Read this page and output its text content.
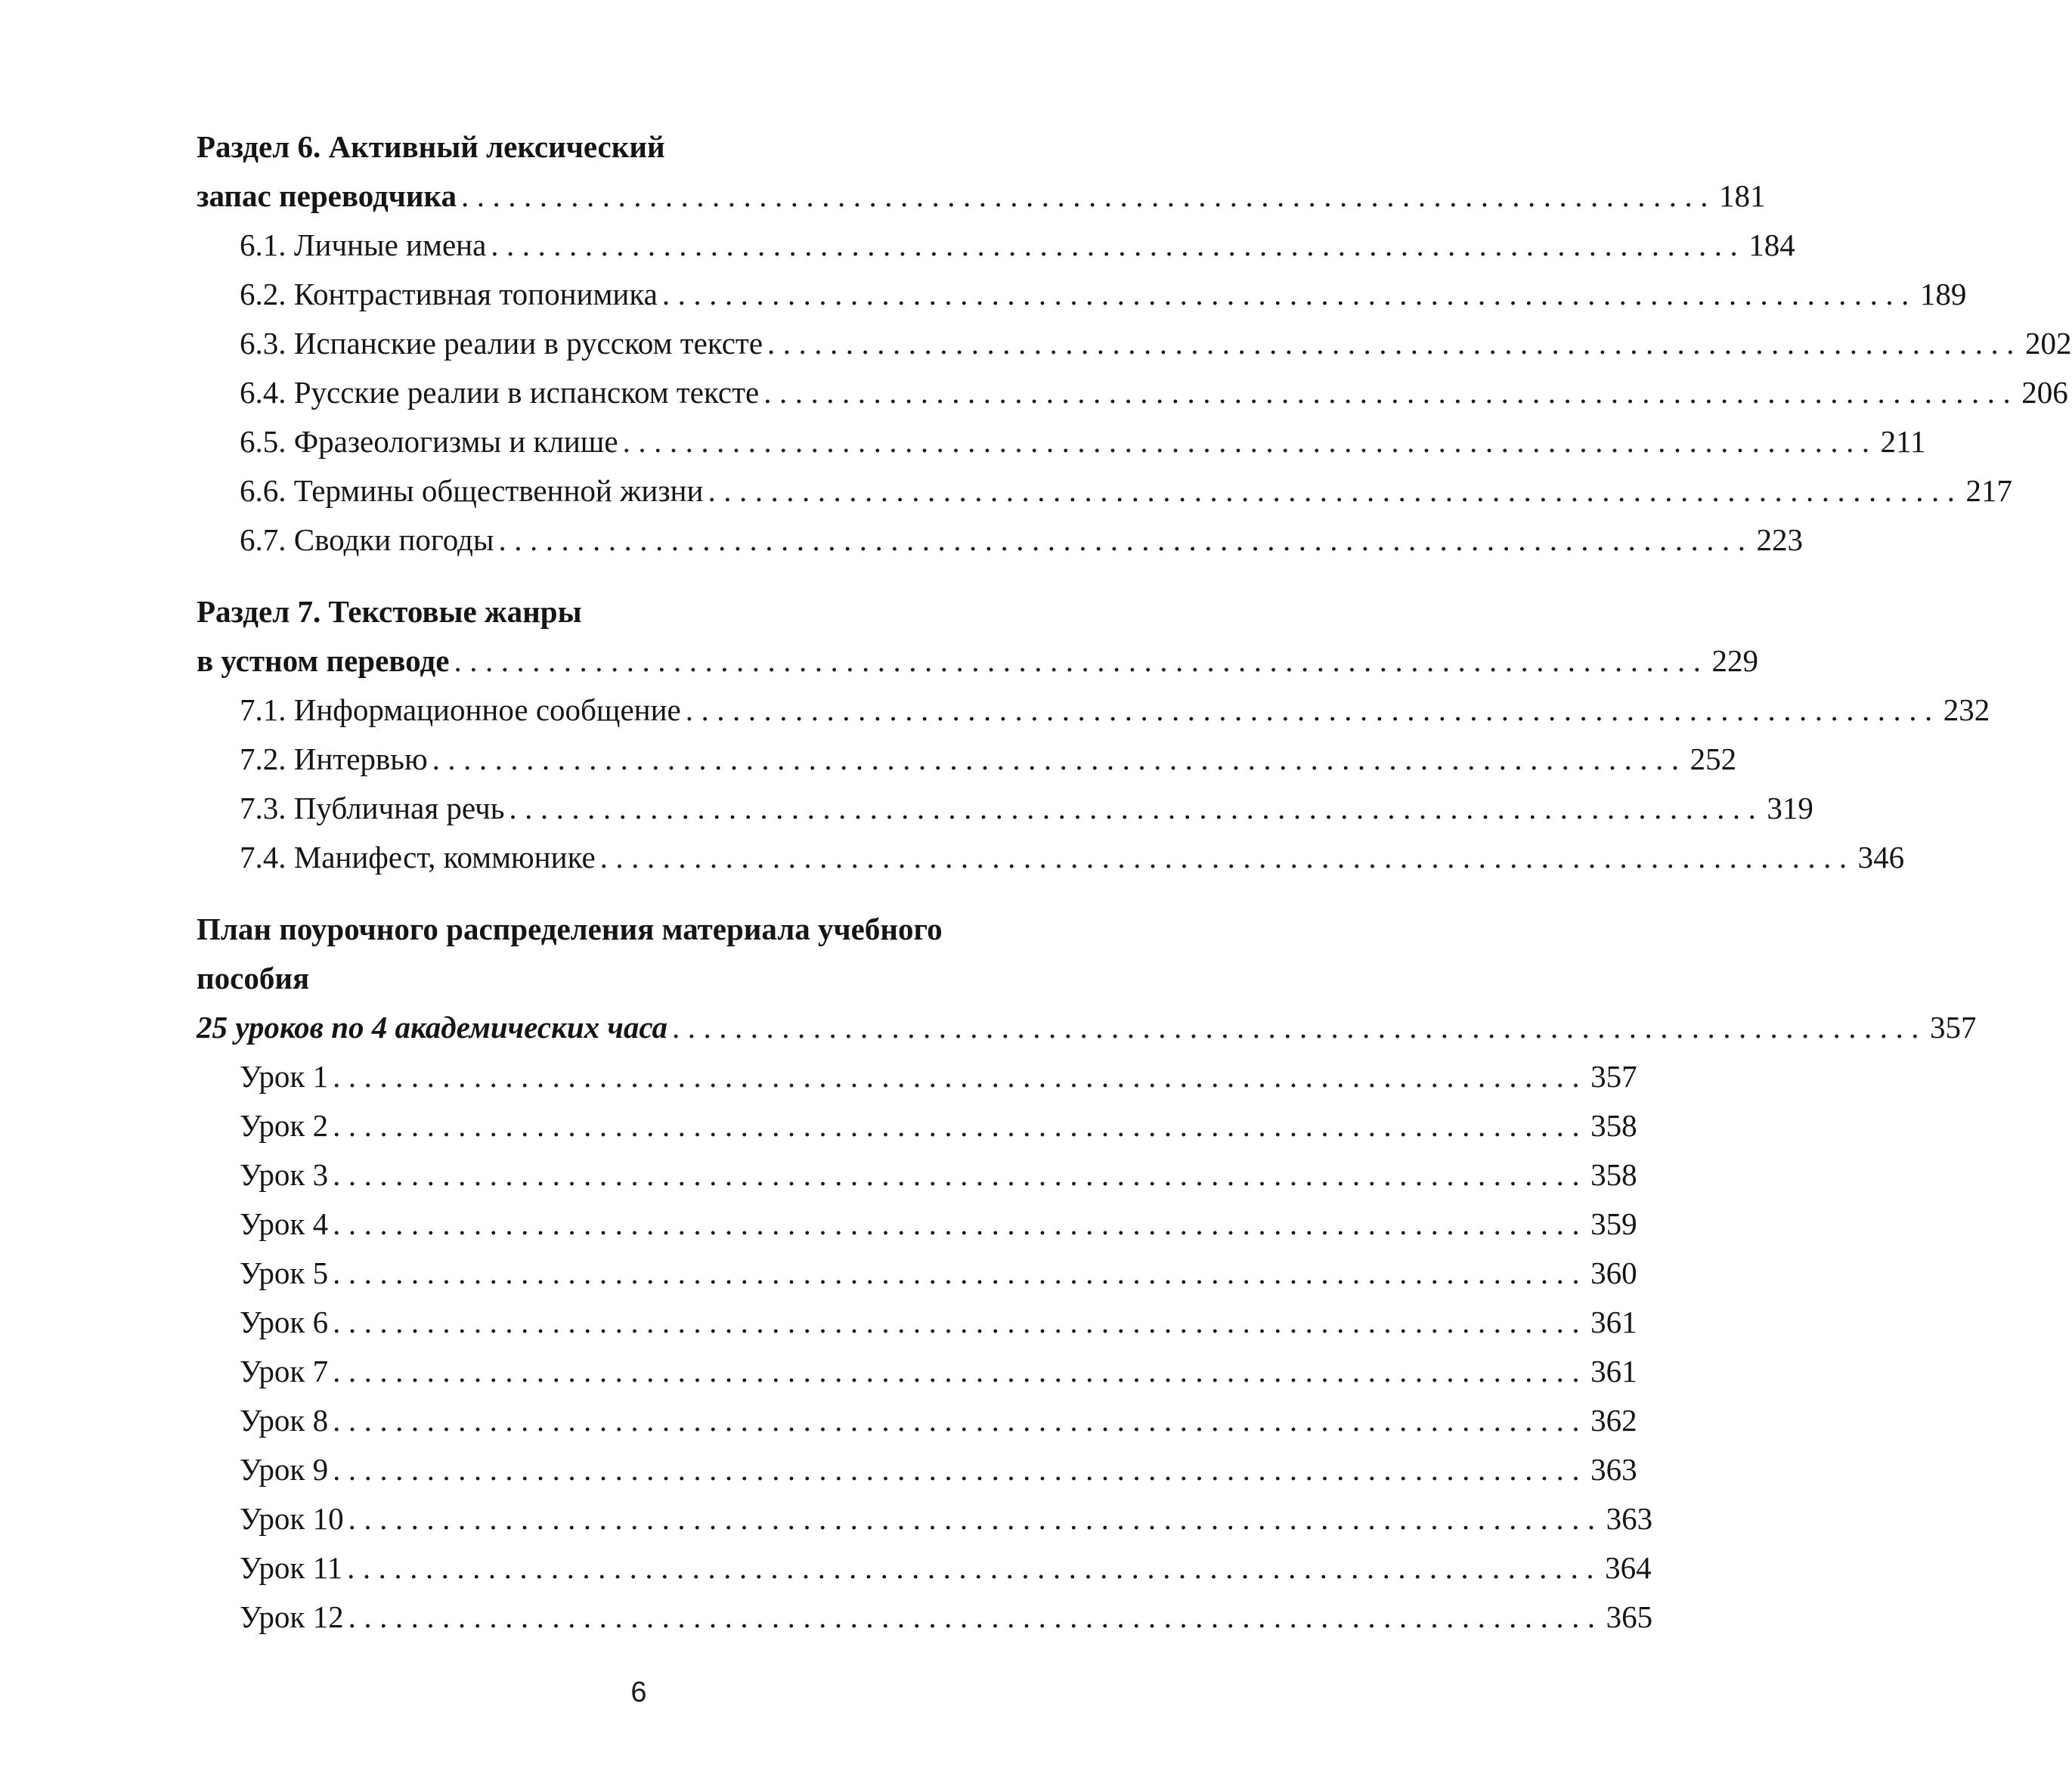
Раздел 6. Активный лексический
запас переводчика ................................................................................ 181
6.1. Личные имена ................................................................................ 184
6.2. Контрастивная топонимика ................................................................................ 189
6.3. Испанские реалии в русском тексте ................................................................................ 202
6.4. Русские реалии в испанском тексте ................................................................................ 206
6.5. Фразеологизмы и клише ................................................................................ 211
6.6. Термины общественной жизни ................................................................................ 217
6.7. Сводки погоды ................................................................................ 223
Раздел 7. Текстовые жанры
в устном переводе ................................................................................ 229
7.1. Информационное сообщение ................................................................................ 232
7.2. Интервью ................................................................................ 252
7.3. Публичная речь ................................................................................ 319
7.4. Манифест, коммюнике ................................................................................ 346
План поурочного распределения материала учебного
пособия
25 уроков по 4 академических часа ................................................................................ 357
Урок 1 ................................................................................ 357
Урок 2 ................................................................................ 358
Урок 3 ................................................................................ 358
Урок 4 ................................................................................ 359
Урок 5 ................................................................................ 360
Урок 6 ................................................................................ 361
Урок 7 ................................................................................ 361
Урок 8 ................................................................................ 362
Урок 9 ................................................................................ 363
Урок 10 ................................................................................ 363
Урок 11 ................................................................................ 364
Урок 12 ................................................................................ 365
6
